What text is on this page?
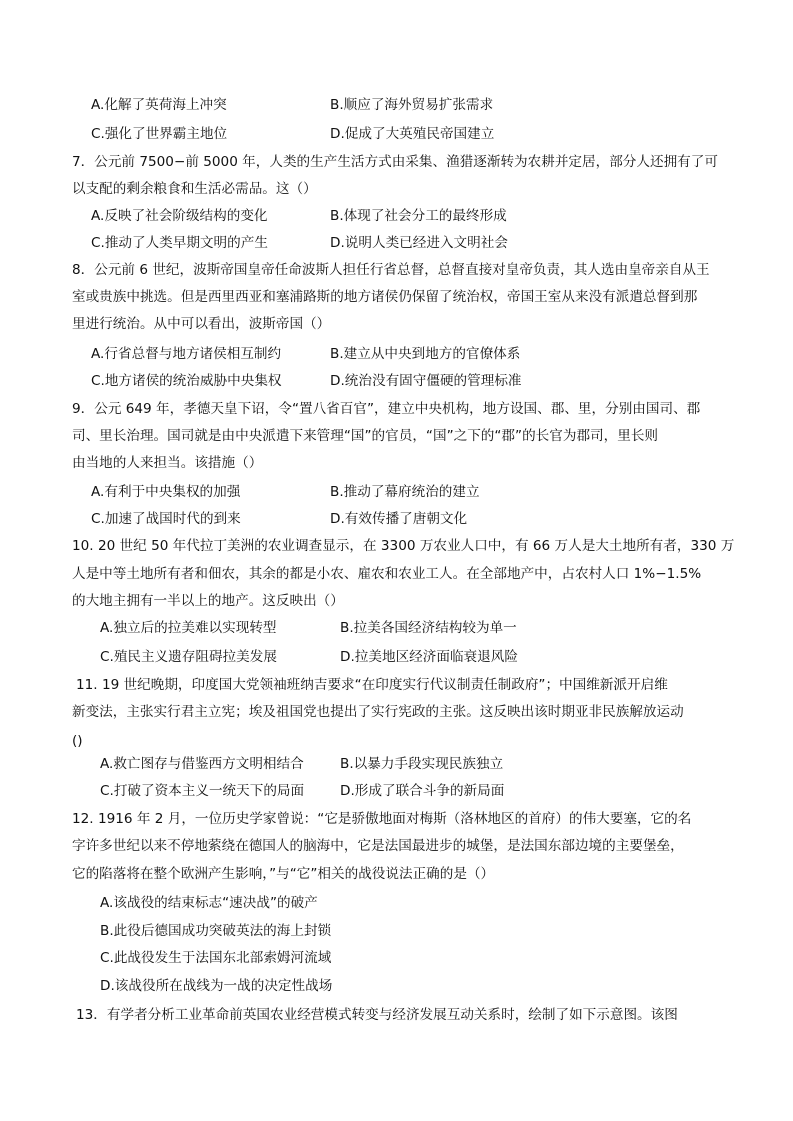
A.化解了英荷海上冲突	B.顺应了海外贸易扩张需求
C.强化了世界霸主地位	D.促成了大英殖民帝国建立
7．公元前 7500−前 5000 年，人类的生产生活方式由采集、渔猎逐渐转为农耕并定居，部分人还拥有了可
以支配的剩余粮食和生活必需品。这（）
A.反映了社会阶级结构的变化	B.体现了社会分工的最终形成
C.推动了人类早期文明的产生	D.说明人类已经进入文明社会
8．公元前 6 世纪，波斯帝国皇帝任命波斯人担任行省总督，总督直接对皇帝负责，其人选由皇帝亲自从王
室或贵族中挑选。但是西里西亚和塞浦路斯的地方诸侯仍保留了统治权，帝国王室从来没有派遣总督到那
里进行统治。从中可以看出，波斯帝国（）
A.行省总督与地方诸侯相互制约	B.建立从中央到地方的官僚体系
C.地方诸侯的统治威胁中央集权	D.统治没有固守僵硬的管理标准
9．公元 649 年，孝德天皇下诏，令“置八省百官”，建立中央机构，地方设国、郡、里，分别由国司、郡
司、里长治理。国司就是由中央派遣下来管理“国”的官员，“国”之下的“郡”的长官为郡司，里长则
由当地的人来担当。该措施（）
A.有利于中央集权的加强	B.推动了幕府统治的建立
C.加速了战国时代的到来	D.有效传播了唐朝文化
10. 20 世纪 50 年代拉丁美洲的农业调查显示，在 3300 万农业人口中，有 66 万人是大土地所有者，330 万
人是中等土地所有者和佃农，其余的都是小农、雇农和农业工人。在全部地产中，占农村人口 1%−1.5%
的大地主拥有一半以上的地产。这反映出（）
A.独立后的拉美难以实现转型	B.拉美各国经济结构较为单一
C.殖民主义遗存阻碍拉美发展	D.拉美地区经济面临衰退风险
11. 19 世纪晚期，印度国大党领袖班纳吉要求“在印度实行代议制责任制政府”；中国维新派开启维
新变法，主张实行君主立宪；埃及祖国党也提出了实行宪政的主张。这反映出该时期亚非民族解放运动
()
A.救亡图存与借鉴西方文明相结合	B.以暴力手段实现民族独立
C.打破了资本主义一统天下的局面	D.形成了联合斗争的新局面
12. 1916 年 2 月，一位历史学家曾说：“它是骄傲地面对梅斯（洛林地区的首府）的伟大要塞，它的名
字许多世纪以来不停地萦绕在德国人的脑海中，它是法国最进步的城堡，是法国东部边境的主要堡垒，
它的陷落将在整个欧洲产生影响，”与“它”相关的战役说法正确的是（）
A.该战役的结束标志“速决战”的破产
B.此役后德国成功突破英法的海上封锁
C.此战役发生于法国东北部索姆河流域
D.该战役所在战线为一战的决定性战场
13．有学者分析工业革命前英国农业经营模式转变与经济发展互动关系时，绘制了如下示意图。该图
